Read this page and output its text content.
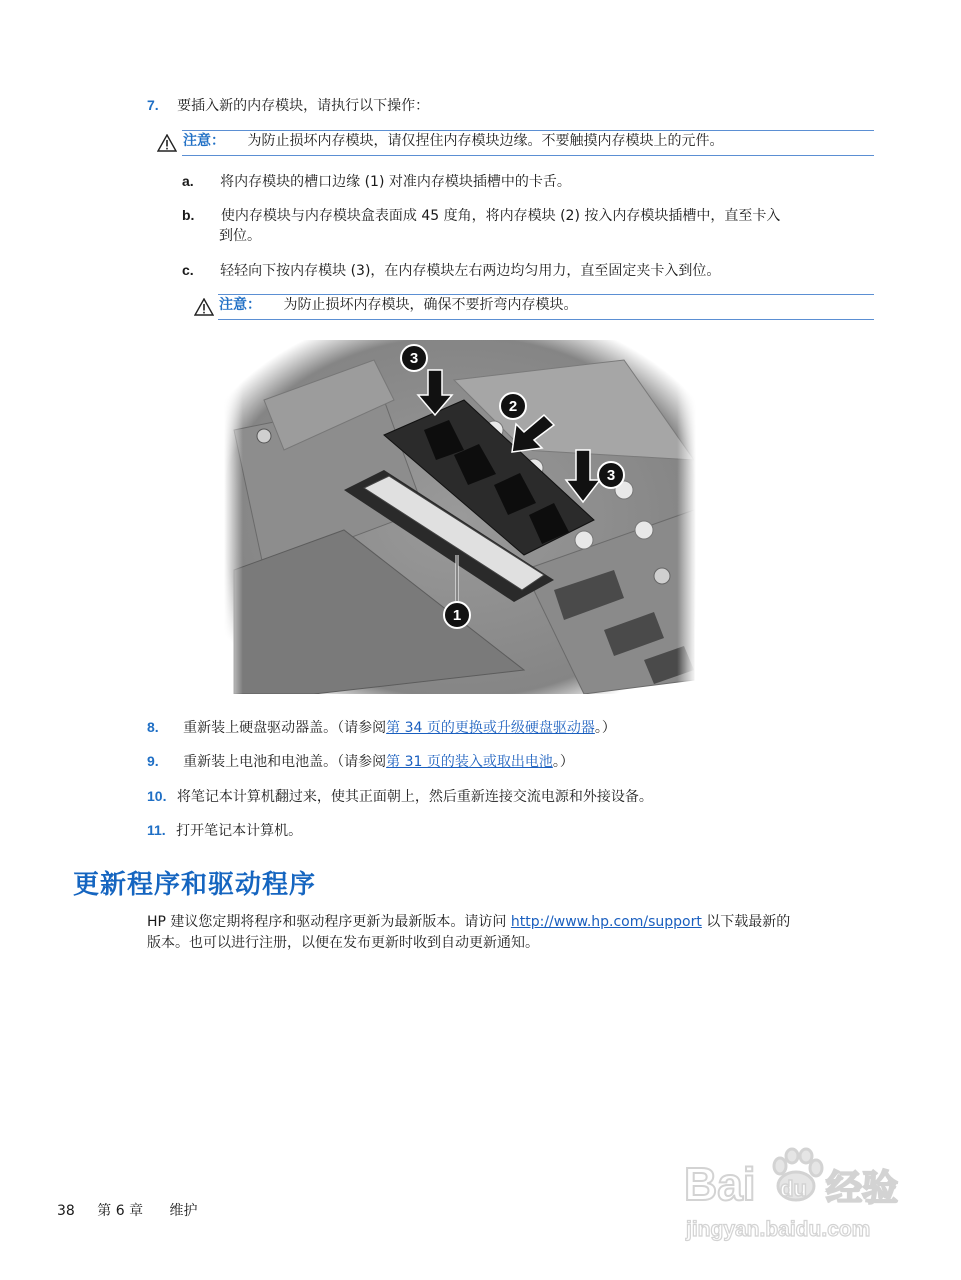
7. 要插入新的内存模块，请执行以下操作：
注意： 为防止损坏内存模块，请仅捏住内存模块边缘。不要触摸内存模块上的元件。
a. 将内存模块的槽口边缘 (1) 对准内存模块插槽中的卡舌。
b. 使内存模块与内存模块盒表面成 45 度角，将内存模块 (2) 按入内存模块插槽中，直至卡入
到位。
c. 轻轻向下按内存模块 (3)，在内存模块左右两边均匀用力，直至固定夹卡入到位。
注意： 为防止损坏内存模块，确保不要折弯内存模块。
8. 重新装上硬盘驱动器盖。（请参阅第 34 页的更换或升级硬盘驱动器。）
9. 重新装上电池和电池盖。（请参阅第 31 页的装入或取出电池。）
10. 将笔记本计算机翻过来，使其正面朝上，然后重新连接交流电源和外接设备。
11. 打开笔记本计算机。
更新程序和驱动程序
HP 建议您定期将程序和驱动程序更新为最新版本。请访问 http://www.hp.com/support 以下载最新的
版本。也可以进行注册，以便在发布更新时收到自动更新通知。
38 第 6 章 维护
Bai du 经验
jingyan.baidu.com
